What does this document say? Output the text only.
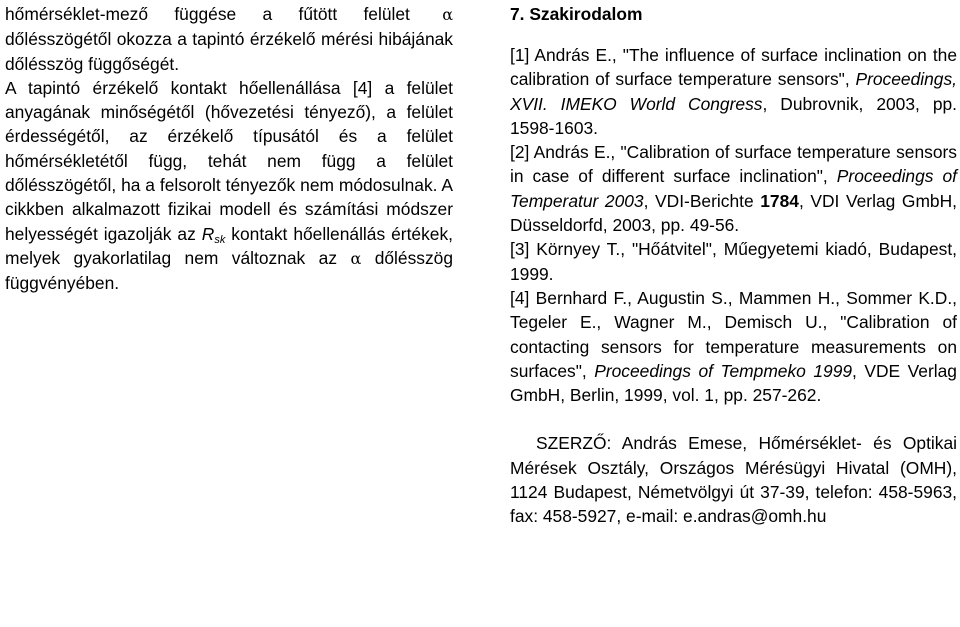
hőmérséklet-mező függése a fűtött felület α dőlésszögétől okozza a tapintó érzékelő mérési hibájának dőlésszög függőségét.

A tapintó érzékelő kontakt hőellenállása [4] a felület anyagának minőségétől (hővezetési tényező), a felület érdességétől, az érzékelő típusától és a felület hőmérsékletétől függ, tehát nem függ a felület dőlésszögétől, ha a felsorolt tényezők nem módosulnak. A cikkben alkalmazott fizikai modell és számítási módszer helyességét igazolják az $R_{sk}$ kontakt hőellenállás értékek, melyek gyakorlatilag nem változnak az α dőlésszög függvényében.

7. Szakirodalom

[1] András E., "The influence of surface inclination on the calibration of surface temperature sensors", Proceedings, XVII. IMEKO World Congress, Dubrovnik, 2003, pp. 1598-1603.

[2] András E., "Calibration of surface temperature sensors in case of different surface inclination", Proceedings of Temperatur 2003, VDI-Berichte 1784, VDI Verlag GmbH, Düsseldorfd, 2003, pp. 49-56.

[3] Környey T., "Hőátvitel", Műegyetemi kiadó, Budapest, 1999.

[4] Bernhard F., Augustin S., Mammen H., Sommer K.D., Tegeler E., Wagner M., Demisch U., "Calibration of contacting sensors for temperature measurements on surfaces", Proceedings of Tempmeko 1999, VDE Verlag GmbH, Berlin, 1999, vol. 1, pp. 257-262.

SZERZŐ: András Emese, Hőmérséklet- és Optikai Mérések Osztály, Országos Mérésügyi Hivatal (OMH), 1124 Budapest, Németvölgyi út 37-39, telefon: 458-5963, fax: 458-5927, e-mail: e.andras@omh.hu
